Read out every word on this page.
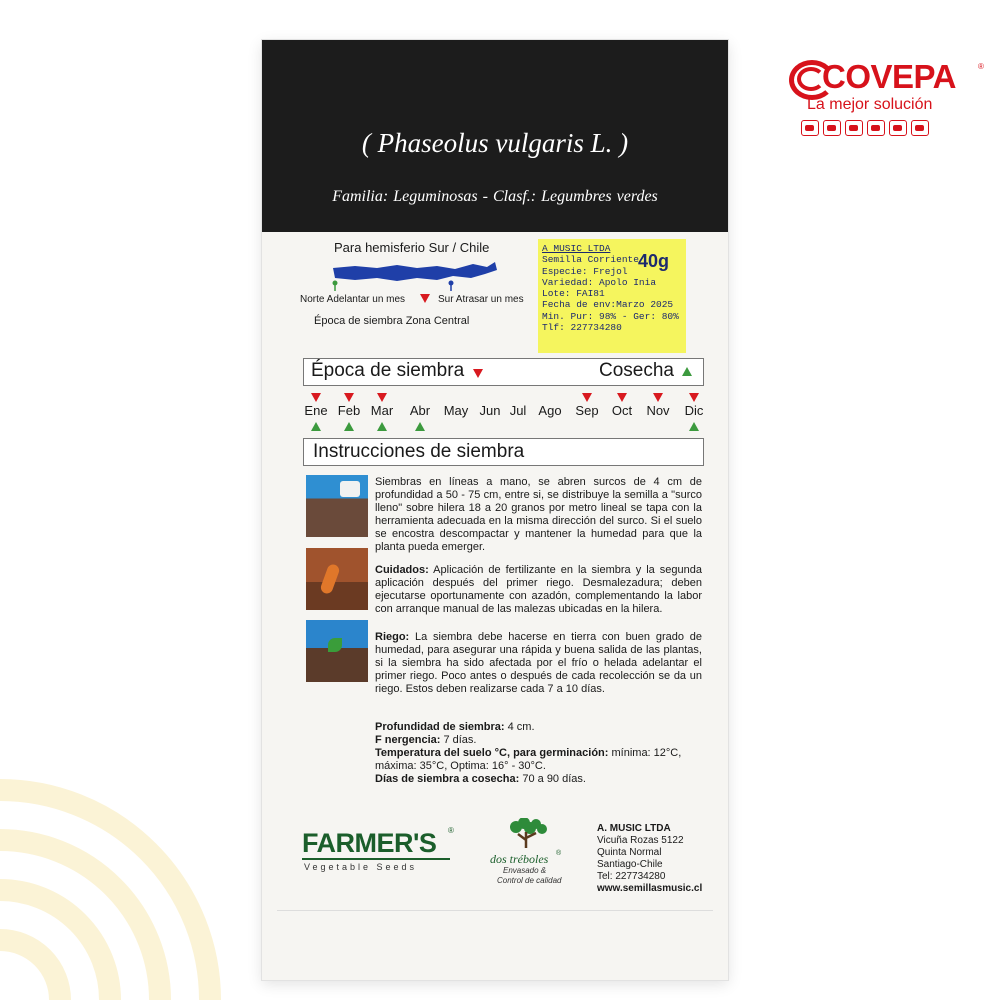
COVEPA	®
La mejor solución
( Phaseolus vulgaris L. )
Familia: Leguminosas - Clasf.: Legumbres verdes
Para hemisferio Sur / Chile
Norte Adelantar un mes	Sur Atrasar un mes
Época de siembra Zona Central
A MUSIC LTDA
Semilla Corriente 40g
Especie: Frejol
Variedad: Apolo Inia
Lote: FAI81
Fecha de env:Marzo 2025
Min. Pur: 98% - Ger: 80%
Tlf: 227734280
Época de siembra	Cosecha
Ene Feb Mar	Abr	May Jun Jul Ago Sep	Oct	Nov	Dic
Instrucciones de siembra
Siembras en líneas a mano, se abren surcos de 4 cm de profundidad a 50 - 75 cm, entre si, se distribuye la semilla a "surco lleno" sobre hilera 18 a 20 granos por metro lineal se tapa con la herramienta adecuada en la misma dirección del surco. Si el suelo se encostra descompactar y mantener la humedad para que la planta pueda emerger.
Cuidados: Aplicación de fertilizante en la siembra y la segunda aplicación después del primer riego. Desmalezadura; deben ejecutarse oportunamente con azadón, complementando la labor con arranque manual de las malezas ubicadas en la hilera.
Riego: La siembra debe hacerse en tierra con buen grado de humedad, para asegurar una rápida y buena salida de las plantas, si la siembra ha sido afectada por el frío o helada adelantar el primer riego. Poco antes o después de cada recolección se da un riego. Estos deben realizarse cada 7 a 10 días.
Profundidad de siembra: 4 cm.
F nergencia: 7 días.
Temperatura del suelo °C, para germinación: mínima: 12°C,
máxima: 35°C, Optima: 16° - 30°C.
Días de siembra a cosecha: 70 a 90 días.
FARMER'S ®
Vegetable Seeds
dos tréboles ®
Envasado &
Control de calidad
A. MUSIC LTDA
Vicuña Rozas 5122
Quinta Normal
Santiago-Chile
Tel: 227734280
www.semillasmusic.cl
